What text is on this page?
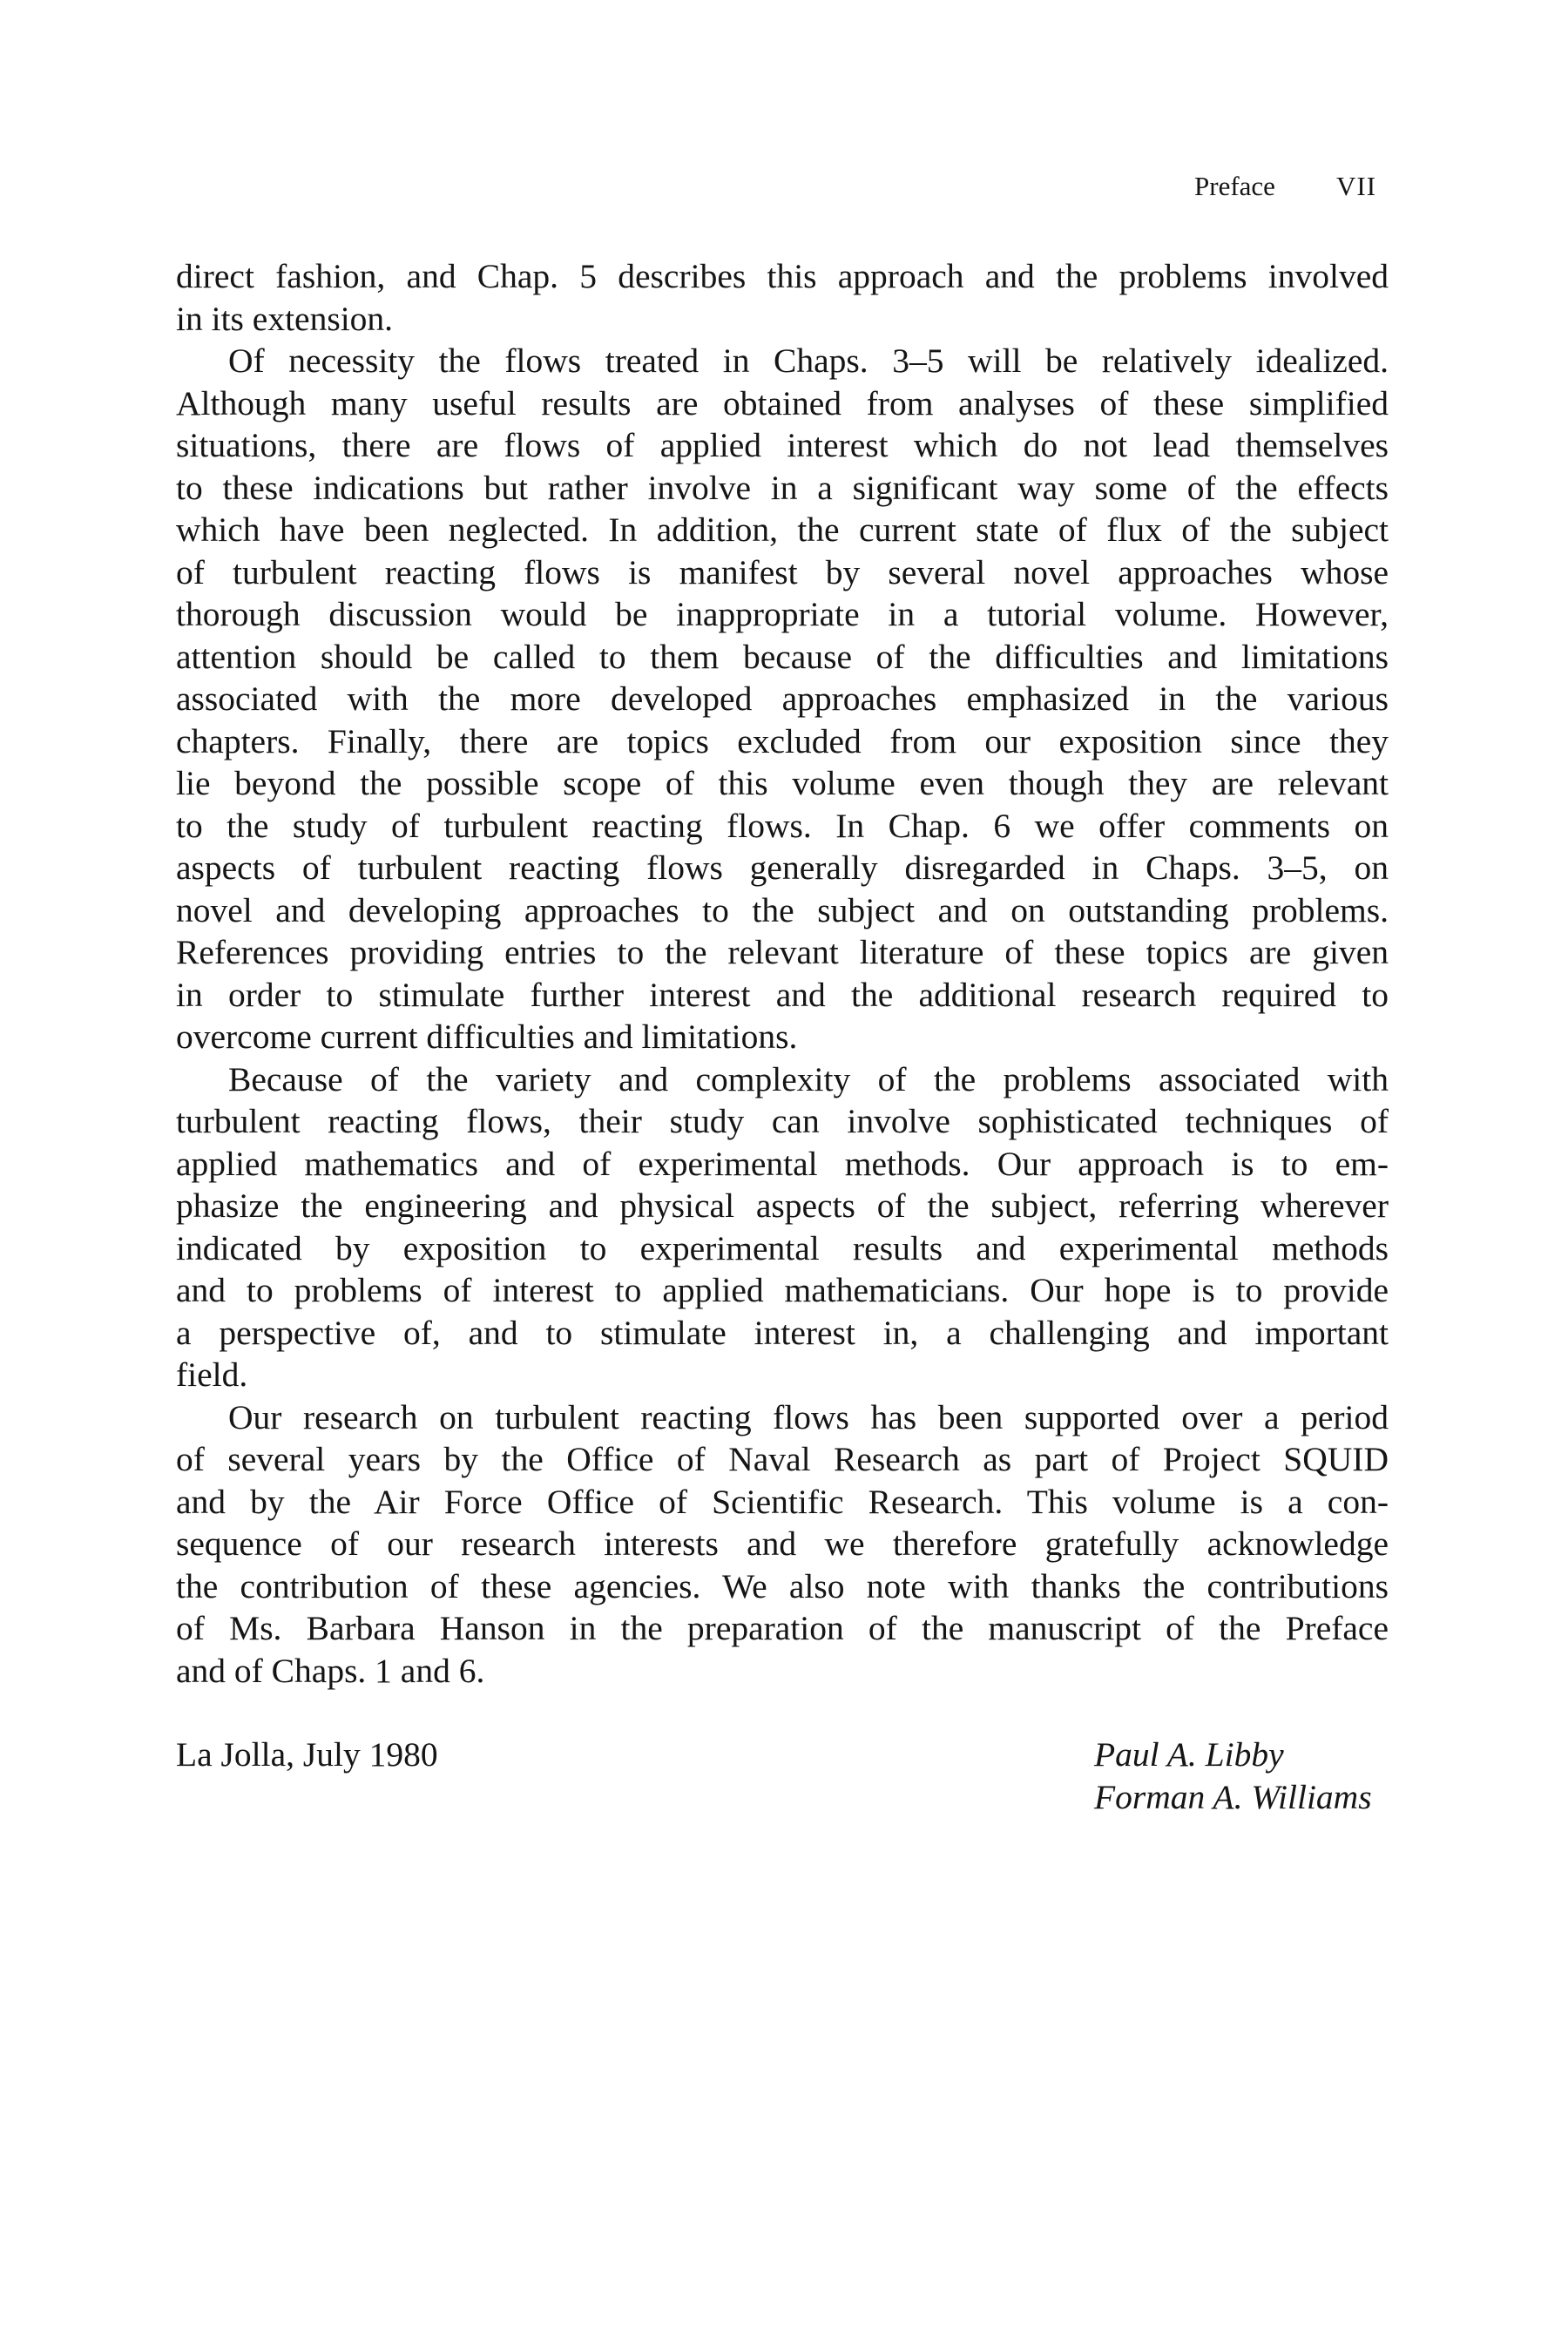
Preface VII
direct fashion, and Chap. 5 describes this approach and the problems involved
in its extension.
Of necessity the flows treated in Chaps. 3–5 will be relatively idealized.
Although many useful results are obtained from analyses of these simplified
situations, there are flows of applied interest which do not lead themselves
to these indications but rather involve in a significant way some of the effects
which have been neglected. In addition, the current state of flux of the subject
of turbulent reacting flows is manifest by several novel approaches whose
thorough discussion would be inappropriate in a tutorial volume. However,
attention should be called to them because of the difficulties and limitations
associated with the more developed approaches emphasized in the various
chapters. Finally, there are topics excluded from our exposition since they
lie beyond the possible scope of this volume even though they are relevant
to the study of turbulent reacting flows. In Chap. 6 we offer comments on
aspects of turbulent reacting flows generally disregarded in Chaps. 3–5, on
novel and developing approaches to the subject and on outstanding problems.
References providing entries to the relevant literature of these topics are given
in order to stimulate further interest and the additional research required to
overcome current difficulties and limitations.
Because of the variety and complexity of the problems associated with
turbulent reacting flows, their study can involve sophisticated techniques of
applied mathematics and of experimental methods. Our approach is to em-
phasize the engineering and physical aspects of the subject, referring wherever
indicated by exposition to experimental results and experimental methods
and to problems of interest to applied mathematicians. Our hope is to provide
a perspective of, and to stimulate interest in, a challenging and important
field.
Our research on turbulent reacting flows has been supported over a period
of several years by the Office of Naval Research as part of Project SQUID
and by the Air Force Office of Scientific Research. This volume is a con-
sequence of our research interests and we therefore gratefully acknowledge
the contribution of these agencies. We also note with thanks the contributions
of Ms. Barbara Hanson in the preparation of the manuscript of the Preface
and of Chaps. 1 and 6.
La Jolla, July 1980	Paul A. Libby
Forman A. Williams
